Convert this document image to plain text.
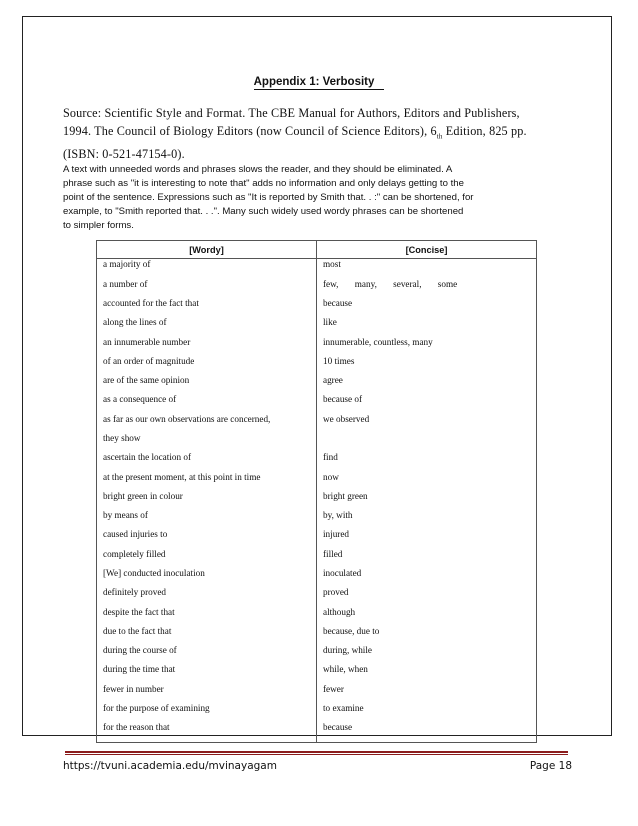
Appendix 1: Verbosity
Source: Scientific Style and Format. The CBE Manual for Authors, Editors and Publishers,
1994. The Council of Biology Editors (now Council of Science Editors), $6_{th}$ Edition, 825 pp.
(ISBN: 0-521-47154-0).
A text with unneeded words and phrases slows the reader, and they should be eliminated. A
phrase such as "it is interesting to note that" adds no information and only delays getting to the
point of the sentence. Expressions such as "It is reported by Smith that. . :" can be shortened, for
example, to "Smith reported that. . .". Many such widely used wordy phrases can be shortened
to simpler forms.
[Wordy]	[Concise]
a majority of	most
a number of	few, many, several, some
accounted for the fact that	because
along the lines of	like
an innumerable number	innumerable, countless, many
of an order of magnitude	10 times
are of the same opinion	agree
as a consequence of	because of
as far as our own observations are concerned,	we observed
they show	
ascertain the location of	find
at the present moment, at this point in time	now
bright green in colour	bright green
by means of	by, with
caused injuries to	injured
completely filled	filled
[We] conducted inoculation	inoculated
definitely proved	proved
despite the fact that	although
due to the fact that	because, due to
during the course of	during, while
during the time that	while, when
fewer in number	fewer
for the purpose of examining	to examine
for the reason that	because
https://tvuni.academia.edu/mvinayagam	Page 18
